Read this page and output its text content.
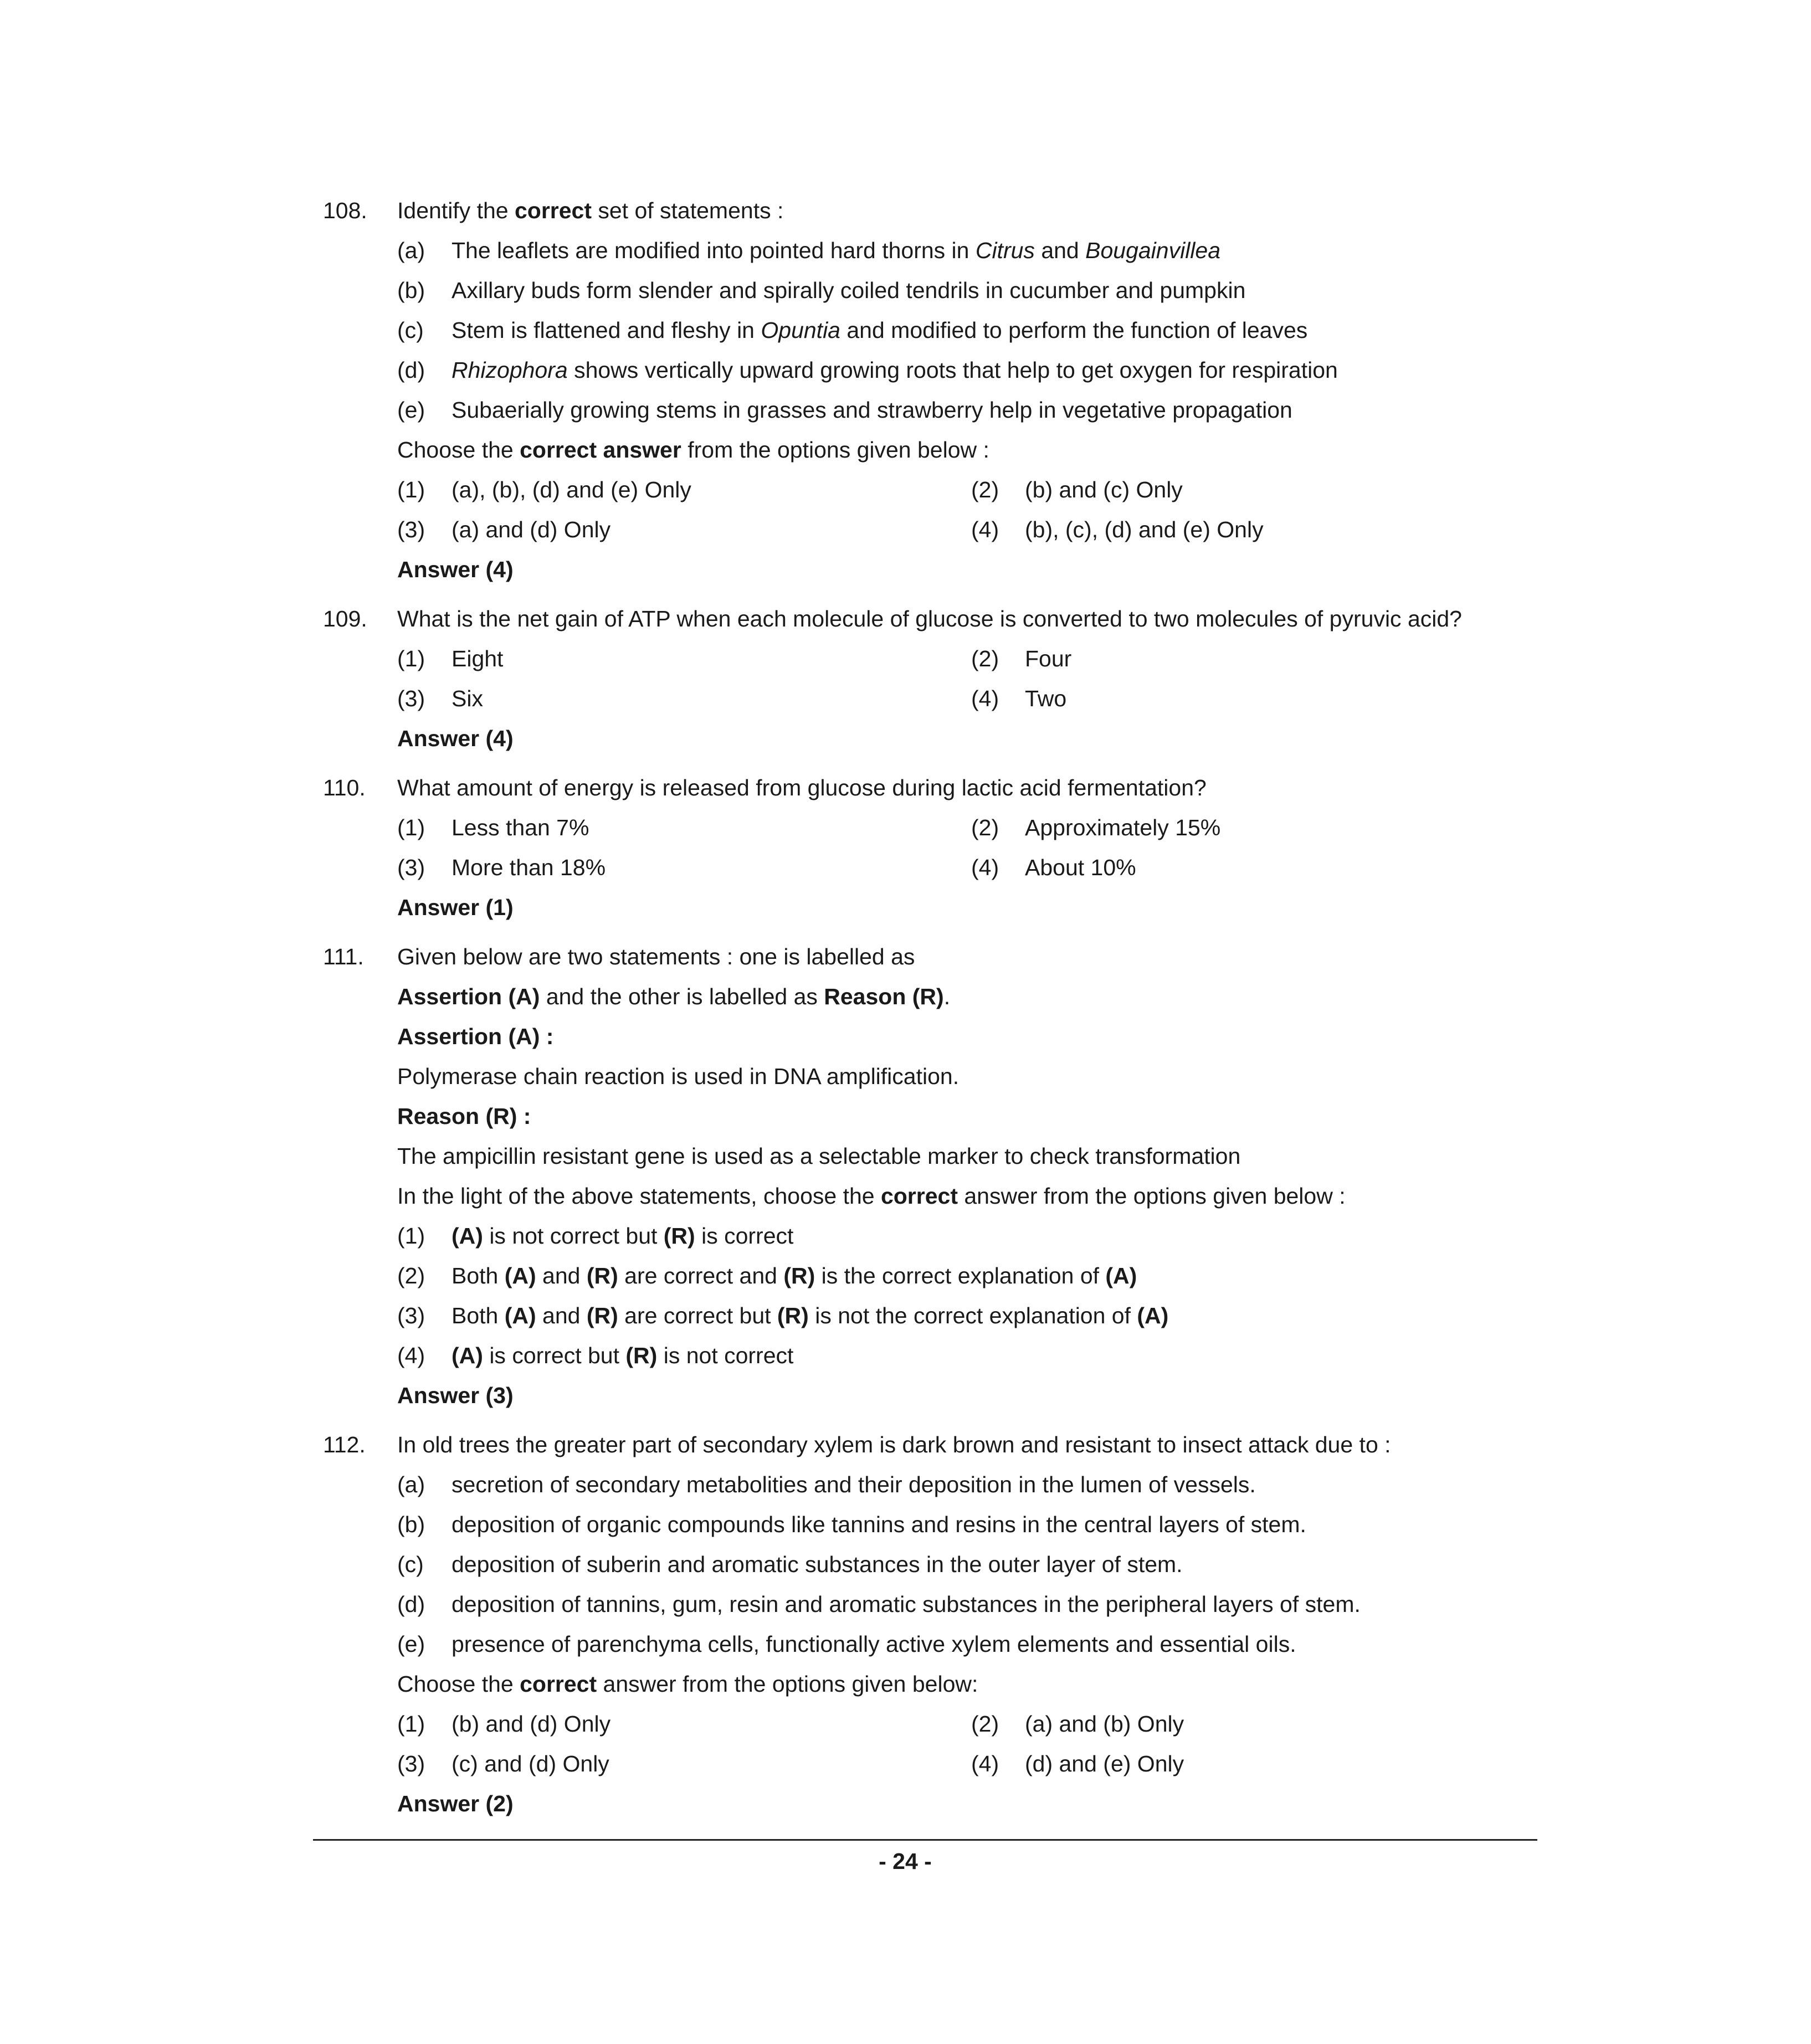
108. Identify the correct set of statements :
(a) The leaflets are modified into pointed hard thorns in Citrus and Bougainvillea
(b) Axillary buds form slender and spirally coiled tendrils in cucumber and pumpkin
(c) Stem is flattened and fleshy in Opuntia and modified to perform the function of leaves
(d) Rhizophora shows vertically upward growing roots that help to get oxygen for respiration
(e) Subaerially growing stems in grasses and strawberry help in vegetative propagation
Choose the correct answer from the options given below :
(1) (a), (b), (d) and (e) Only	(2) (b) and (c) Only
(3) (a) and (d) Only	(4) (b), (c), (d) and (e) Only
Answer (4)
109. What is the net gain of ATP when each molecule of glucose is converted to two molecules of pyruvic acid?
(1) Eight	(2) Four
(3) Six	(4) Two
Answer (4)
110. What amount of energy is released from glucose during lactic acid fermentation?
(1) Less than 7%	(2) Approximately 15%
(3) More than 18%	(4) About 10%
Answer (1)
111. Given below are two statements : one is labelled as
Assertion (A) and the other is labelled as Reason (R).
Assertion (A) :
Polymerase chain reaction is used in DNA amplification.
Reason (R) :
The ampicillin resistant gene is used as a selectable marker to check transformation
In the light of the above statements, choose the correct answer from the options given below :
(1) (A) is not correct but (R) is correct
(2) Both (A) and (R) are correct and (R) is the correct explanation of (A)
(3) Both (A) and (R) are correct but (R) is not the correct explanation of (A)
(4) (A) is correct but (R) is not correct
Answer (3)
112. In old trees the greater part of secondary xylem is dark brown and resistant to insect attack due to :
(a) secretion of secondary metabolities and their deposition in the lumen of vessels.
(b) deposition of organic compounds like tannins and resins in the central layers of stem.
(c) deposition of suberin and aromatic substances in the outer layer of stem.
(d) deposition of tannins, gum, resin and aromatic substances in the peripheral layers of stem.
(e) presence of parenchyma cells, functionally active xylem elements and essential oils.
Choose the correct answer from the options given below:
(1) (b) and (d) Only	(2) (a) and (b) Only
(3) (c) and (d) Only	(4) (d) and (e) Only
Answer (2)
- 24 -
